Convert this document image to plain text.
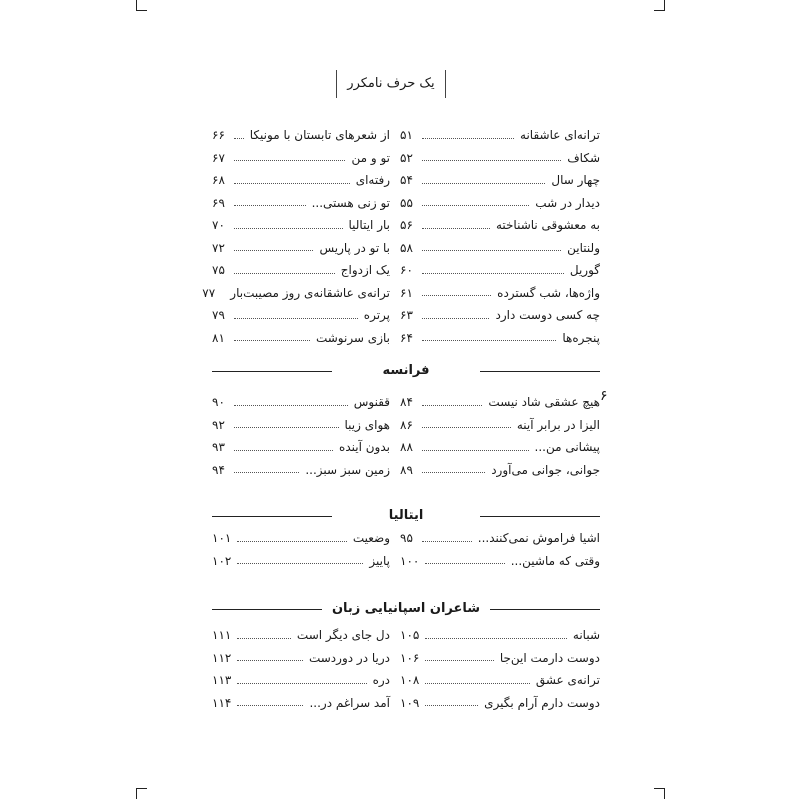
یک حرف نامکرر
۶
ترانه‌ای عاشقانه
۵۱
شکاف
۵۲
چهار سال
۵۴
دیدار در شب
۵۵
به معشوقی ناشناخته
۵۶
ولنتاین
۵۸
گوریل
۶۰
واژه‌ها، شب گسترده
۶۱
چه کسی دوست دارد
۶۳
پنجره‌ها
۶۴
از شعرهای تابستان با مونیکا
۶۶
تو و من
۶۷
رفته‌ای
۶۸
تو زنی هستی...
۶۹
بار ایتالیا
۷۰
با تو در پاریس
۷۲
یک ازدواج
۷۵
ترانه‌ی عاشقانه‌ی روز مصیبت‌بار
۷۷
پرتره
۷۹
بازی سرنوشت
۸۱
فرانسه
هیچ عشقی شاد نیست
۸۴
الیزا در برابر آینه
۸۶
پیشانی من...
۸۸
جوانی، جوانی می‌آورد
۸۹
ققنوس
۹۰
هوای زیبا
۹۲
بدون آینده
۹۳
زمین سبز سبز...
۹۴
ایتالیا
اشیا فراموش نمی‌کنند...
۹۵
وقتی که ماشین...
۱۰۰
وضعیت
۱۰۱
پاییز
۱۰۲
شاعران اسپانیایی زبان
شبانه
۱۰۵
دوست دارمت این‌جا
۱۰۶
ترانه‌ی عشق
۱۰۸
دوست دارم آرام بگیری
۱۰۹
دل جای دیگر است
۱۱۱
دریا در دوردست
۱۱۲
دره
۱۱۳
آمد سراغم در...
۱۱۴
